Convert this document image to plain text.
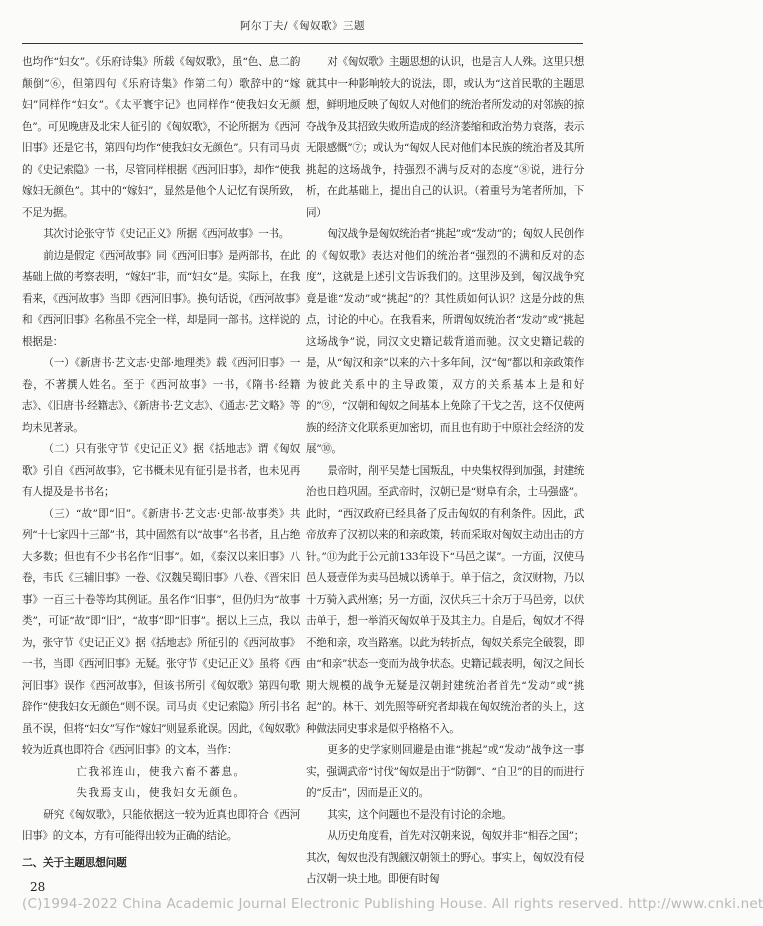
阿尔丁夫/《匈奴歌》三题

也均作“妇女”。《乐府诗集》所载《匈奴歌》，虽“色、息二韵颠倒”⑥，但第四句《乐府诗集》作第二句）歌辞中的“嫁妇”同样作“妇女”。《太平寰宇记》也同样作“使我妇女无颜色”。可见晚唐及北宋人征引的《匈奴歌》，不论所据为《西河旧事》还是它书，第四句均作“使我妇女无颜色”。只有司马贞的《史记索隐》一书，尽管同样根据《西河旧事》，却作“使我嫁妇无颜色”。其中的“嫁妇”，显然是他个人记忆有误所致，不足为据。

其次讨论张守节《史记正义》所据《西河故事》一书。

前边是假定《西河故事》同《西河旧事》是两部书，在此基础上做的考察表明，“嫁妇”非，而“妇女”是。实际上，在我看来，《西河故事》当即《西河旧事》。换句话说，《西河故事》和《西河旧事》名称虽不完全一样，却是同一部书。这样说的根据是：

（一）《新唐书·艺文志·史部·地理类》载《西河旧事》一卷，不著撰人姓名。至于《西河故事》一书，《隋书·经籍志》、《旧唐书·经籍志》、《新唐书·艺文志》、《通志·艺文略》等均未见著录。

（二）只有张守节《史记正义》据《括地志》谓《匈奴歌》引自《西河故事》，它书概未见有征引是书者，也未见再有人提及是书书名；

（三）“故”即“旧”。《新唐书·艺文志·史部·故事类》共列“十七家四十三部”书，其中固然有以“故事”名书者，且占绝大多数；但也有不少书名作“旧事”。如，《泰汉以来旧事》八卷，韦氏《三辅旧事》一卷、《汉魏吴蜀旧事》八卷、《晋宋旧事》一百三十卷等均其例证。虽名作“旧事”，但仍归为“故事类”，可证“故”即“旧”，“故事”即“旧事”。据以上三点，我以为，张守节《史记正义》据《括地志》所征引的《西河故事》一书，当即《西河旧事》无疑。张守节《史记正义》虽将《西河旧事》误作《西河故事》，但该书所引《匈奴歌》第四句歌辞作“使我妇女无颜色”则不误。司马贞《史记索隐》所引书名虽不误，但将“妇女”写作“嫁妇”则显系讹误。因此，《匈奴歌》较为近真也即符合《西河旧事》的文本，当作：

亡我祁连山，使我六畜不蕃息。

失我焉支山，使我妇女无颜色。

研究《匈奴歌》，只能依据这一较为近真也即符合《西河旧事》的文本，方有可能得出较为正确的结论。

二、关于主题思想问题

对《匈奴歌》主题思想的认识，也是言人人殊。这里只想就其中一种影响较大的说法，即，或认为“这首民歌的主题思想，鲜明地反映了匈奴人对他们的统治者所发动的对邻族的掠夺战争及其招致失败所造成的经济萎缩和政治势力衰落，表示无限感慨”⑦；或认为“匈奴人民对他们本民族的统治者及其所挑起的这场战争，持强烈不满与反对的态度”⑧说，进行分析，在此基础上，提出自己的认识。（着重号为笔者所加，下同）

匈汉战争是匈奴统治者“挑起”或“发动”的；匈奴人民创作的《匈奴歌》表达对他们的统治者“强烈的不满和反对的态度”，这就是上述引文告诉我们的。这里涉及到，匈汉战争究竟是谁“发动”或“挑起”的？其性质如何认识？这是分歧的焦点，讨论的中心。在我看来，所谓匈奴统治者“发动”或“挑起这场战争”说，同汉文史籍记载背道而驰。汉文史籍记载的是，从“匈汉和亲”以来的六十多年间，汉“匈”都以和亲政策作为彼此关系中的主导政策，双方的关系基本上是和好的”⑨，“汉朝和匈奴之间基本上免除了干戈之苦，这不仅使两族的经济文化联系更加密切，而且也有助于中原社会经济的发展”⑩。

景帝时，削平吴楚七国叛乱，中央集权得到加强，封建统治也日趋巩固。至武帝时，汉朝已是“财阜有余，士马强盛”。此时，“西汉政府已经具备了反击匈奴的有利条件。因此，武帝放弃了汉初以来的和亲政策，转而采取对匈奴主动出击的方针。”⑪为此于公元前133年设下“马邑之谋”。一方面，汉使马邑人聂壹佯为卖马邑城以诱单于。单于信之，贪汉财物，乃以十万骑入武州塞；另一方面，汉伏兵三十余万于马邑旁，以伏击单于，想一举消灭匈奴单于及其主力。自是后，匈奴才不得不绝和亲，攻当路塞。以此为转折点，匈奴关系完全破裂，即由“和亲”状态一变而为战争状态。史籍记载表明，匈汉之间长期大规模的战争无疑是汉朝封建统治者首先“发动”或“挑起”的。林干、刘先照等研究者却栽在匈奴统治者的头上，这种做法同史事求是似乎格格不入。

更多的史学家则回避是由谁“挑起”或“发动”战争这一事实，强调武帝“讨伐”匈奴是出于“防御”、“自卫”的目的而进行的“反击”，因而是正义的。

其实，这个问题也不是没有讨论的余地。

从历史角度看，首先对汉朝来说，匈奴并非“相吞之国”；其次，匈奴也没有觊觎汉朝领土的野心。事实上，匈奴没有侵占汉朝一块土地。即便有时匈

28
(C)1994-2022 China Academic Journal Electronic Publishing House. All rights reserved. http://www.cnki.net
